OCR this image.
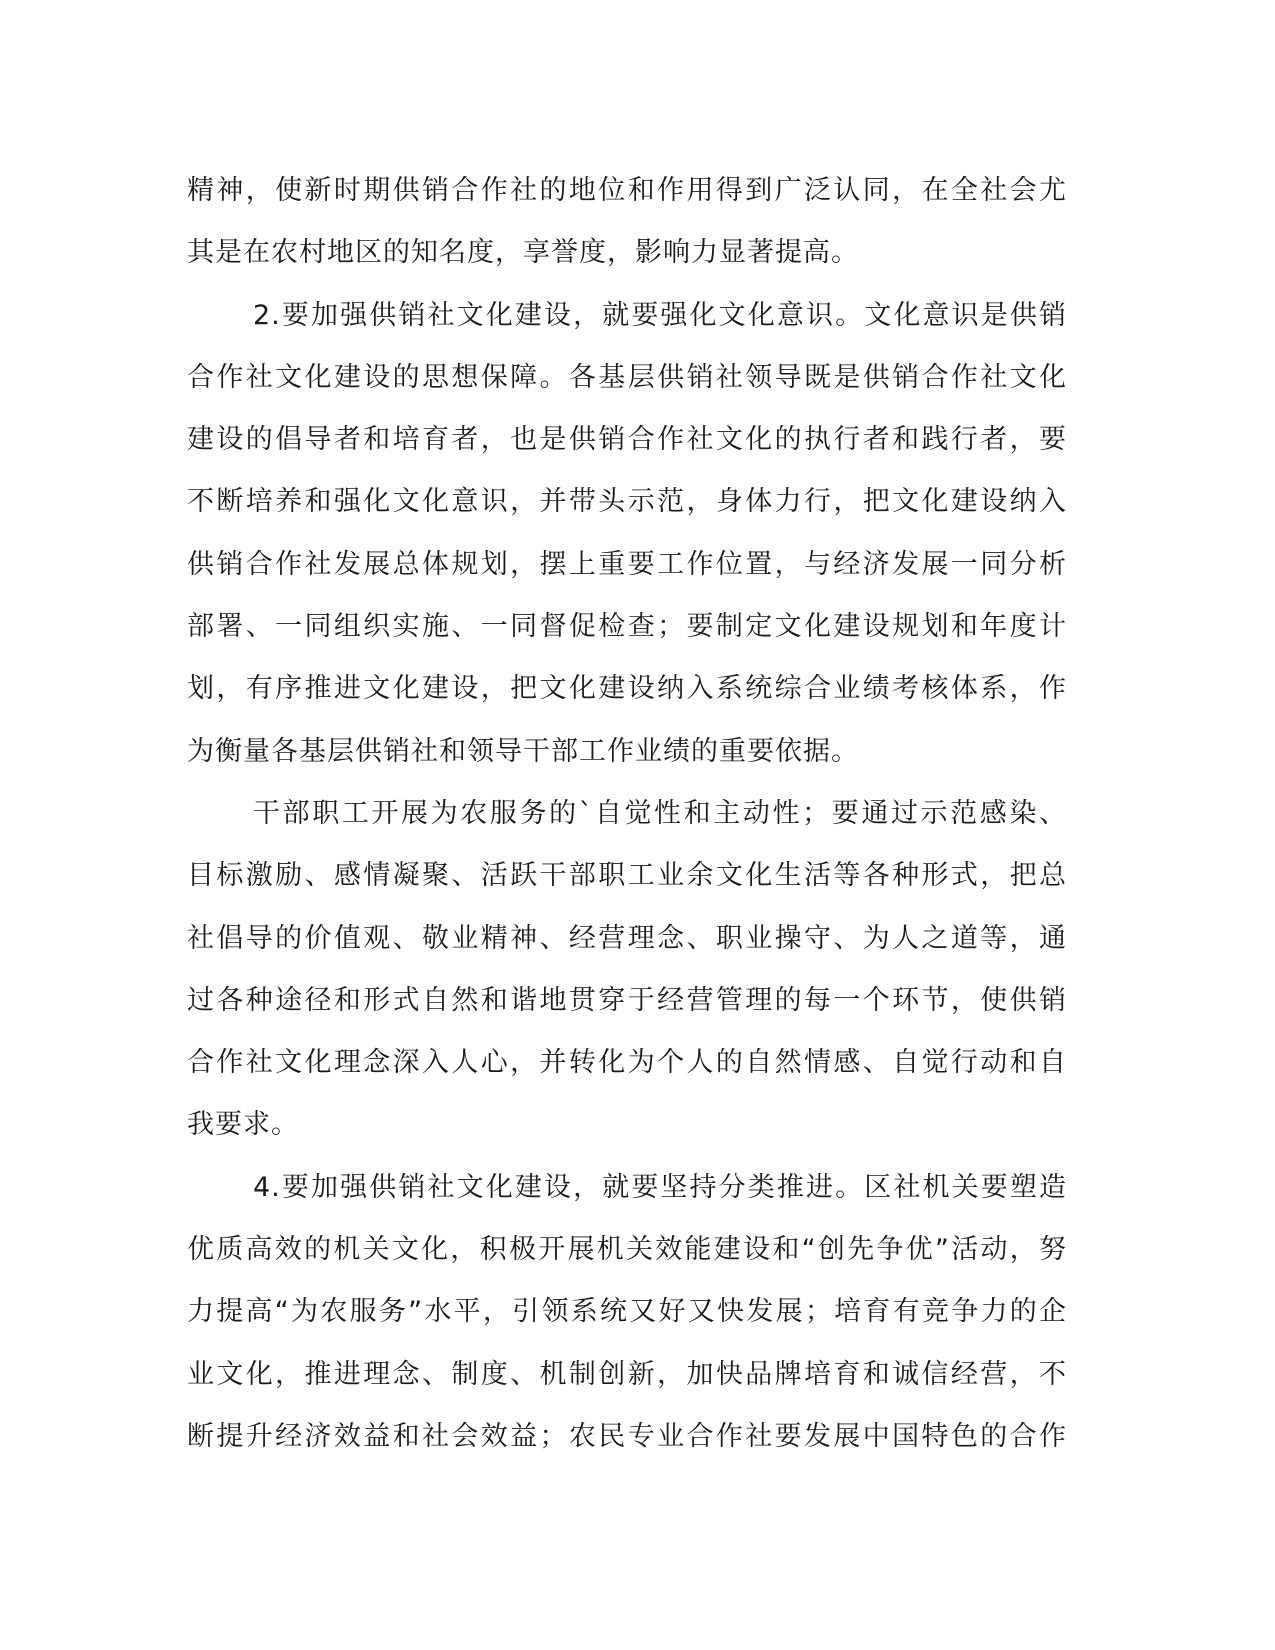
精神，使新时期供销合作社的地位和作用得到广泛认同，在全社会尤
其是在农村地区的知名度，享誉度，影响力显著提高。
2.要加强供销社文化建设，就要强化文化意识。文化意识是供销
合作社文化建设的思想保障。各基层供销社领导既是供销合作社文化
建设的倡导者和培育者，也是供销合作社文化的执行者和践行者，要
不断培养和强化文化意识，并带头示范，身体力行，把文化建设纳入
供销合作社发展总体规划，摆上重要工作位置，与经济发展一同分析
部署、一同组织实施、一同督促检查；要制定文化建设规划和年度计
划，有序推进文化建设，把文化建设纳入系统综合业绩考核体系，作
为衡量各基层供销社和领导干部工作业绩的重要依据。
干部职工开展为农服务的`自觉性和主动性；要通过示范感染、
目标激励、感情凝聚、活跃干部职工业余文化生活等各种形式，把总
社倡导的价值观、敬业精神、经营理念、职业操守、为人之道等，通
过各种途径和形式自然和谐地贯穿于经营管理的每一个环节，使供销
合作社文化理念深入人心，并转化为个人的自然情感、自觉行动和自
我要求。
4.要加强供销社文化建设，就要坚持分类推进。区社机关要塑造
优质高效的机关文化，积极开展机关效能建设和“创先争优”活动，努
力提高“为农服务”水平，引领系统又好又快发展；培育有竞争力的企
业文化，推进理念、制度、机制创新，加快品牌培育和诚信经营，不
断提升经济效益和社会效益；农民专业合作社要发展中国特色的合作
